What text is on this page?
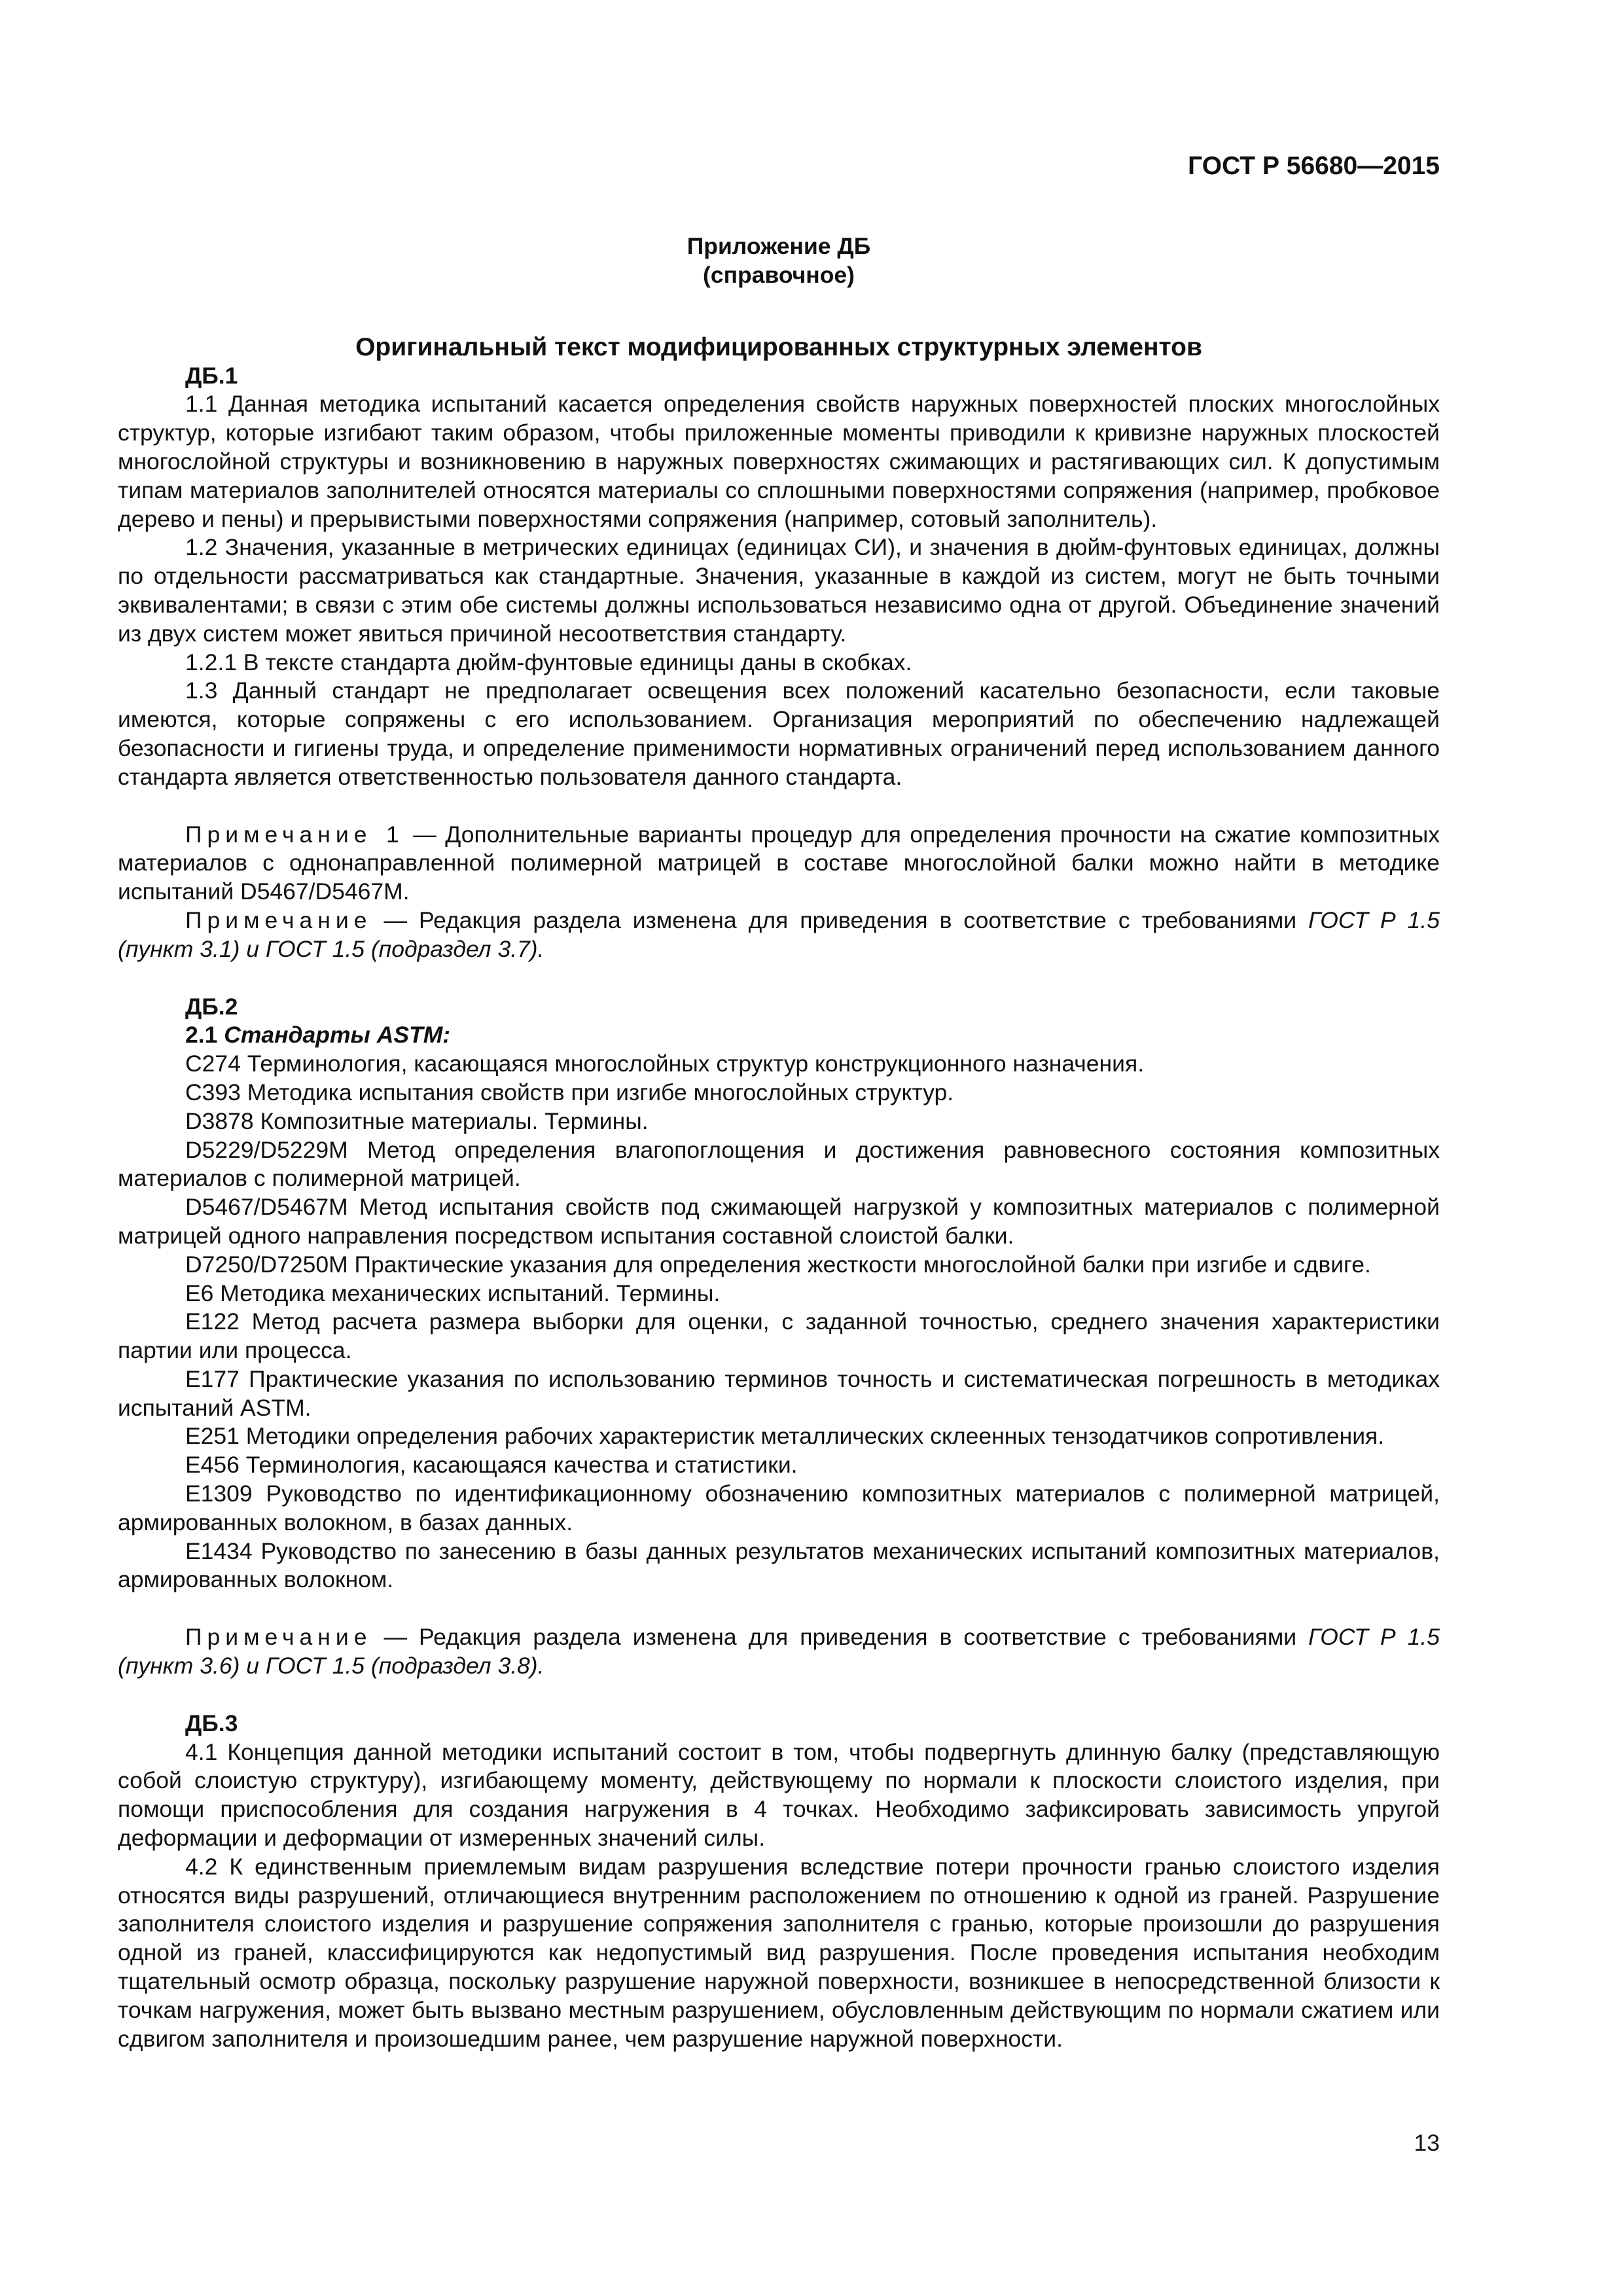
ГОСТ Р 56680—2015
Приложение ДБ
(справочное)
Оригинальный текст модифицированных структурных элементов
ДБ.1

1.1 Данная методика испытаний касается определения свойств наружных поверхностей плоских многослойных структур, которые изгибают таким образом, чтобы приложенные моменты приводили к кривизне наружных плоскостей многослойной структуры и возникновению в наружных поверхностях сжимающих и растягивающих сил. К допустимым типам материалов заполнителей относятся материалы со сплошными поверхностями сопряжения (например, пробковое дерево и пены) и прерывистыми поверхностями сопряжения (например, сотовый заполнитель).

1.2 Значения, указанные в метрических единицах (единицах СИ), и значения в дюйм-фунтовых единицах, должны по отдельности рассматриваться как стандартные. Значения, указанные в каждой из систем, могут не быть точными эквивалентами; в связи с этим обе системы должны использоваться независимо одна от другой. Объединение значений из двух систем может явиться причиной несоответствия стандарту.

1.2.1 В тексте стандарта дюйм-фунтовые единицы даны в скобках.

1.3 Данный стандарт не предполагает освещения всех положений касательно безопасности, если таковые имеются, которые сопряжены с его использованием. Организация мероприятий по обеспечению надлежащей безопасности и гигиены труда, и определение применимости нормативных ограничений перед использованием данного стандарта является ответственностью пользователя данного стандарта.

Примечание 1 — Дополнительные варианты процедур для определения прочности на сжатие композитных материалов с однонаправленной полимерной матрицей в составе многослойной балки можно найти в методике испытаний D5467/D5467M.

Примечание — Редакция раздела изменена для приведения в соответствие с требованиями ГОСТ Р 1.5 (пункт 3.1) и ГОСТ 1.5 (подраздел 3.7).

ДБ.2
2.1 Стандарты ASTM:

С274 Терминология, касающаяся многослойных структур конструкционного назначения.

С393 Методика испытания свойств при изгибе многослойных структур.

D3878 Композитные материалы. Термины.

D5229/D5229M Метод определения влагопоглощения и достижения равновесного состояния композитных материалов с полимерной матрицей.

D5467/D5467M Метод испытания свойств под сжимающей нагрузкой у композитных материалов с полимерной матрицей одного направления посредством испытания составной слоистой балки.

D7250/D7250M Практические указания для определения жесткости многослойной балки при изгибе и сдвиге.

Е6 Методика механических испытаний. Термины.

Е122 Метод расчета размера выборки для оценки, с заданной точностью, среднего значения характеристики партии или процесса.

Е177 Практические указания по использованию терминов точность и систематическая погрешность в методиках испытаний ASTM.

Е251 Методики определения рабочих характеристик металлических склеенных тензодатчиков сопротивления.

Е456 Терминология, касающаяся качества и статистики.

Е1309 Руководство по идентификационному обозначению композитных материалов с полимерной матрицей, армированных волокном, в базах данных.

Е1434 Руководство по занесению в базы данных результатов механических испытаний композитных материалов, армированных волокном.

Примечание — Редакция раздела изменена для приведения в соответствие с требованиями ГОСТ Р 1.5 (пункт 3.6) и ГОСТ 1.5 (подраздел 3.8).

ДБ.3

4.1 Концепция данной методики испытаний состоит в том, чтобы подвергнуть длинную балку (представляющую собой слоистую структуру), изгибающему моменту, действующему по нормали к плоскости слоистого изделия, при помощи приспособления для создания нагружения в 4 точках. Необходимо зафиксировать зависимость упругой деформации и деформации от измеренных значений силы.

4.2 К единственным приемлемым видам разрушения вследствие потери прочности гранью слоистого изделия относятся виды разрушений, отличающиеся внутренним расположением по отношению к одной из граней. Разрушение заполнителя слоистого изделия и разрушение сопряжения заполнителя с гранью, которые произошли до разрушения одной из граней, классифицируются как недопустимый вид разрушения. После проведения испытания необходим тщательный осмотр образца, поскольку разрушение наружной поверхности, возникшее в непосредственной близости к точкам нагружения, может быть вызвано местным разрушением, обусловленным действующим по нормали сжатием или сдвигом заполнителя и произошедшим ранее, чем разрушение наружной поверхности.

13
